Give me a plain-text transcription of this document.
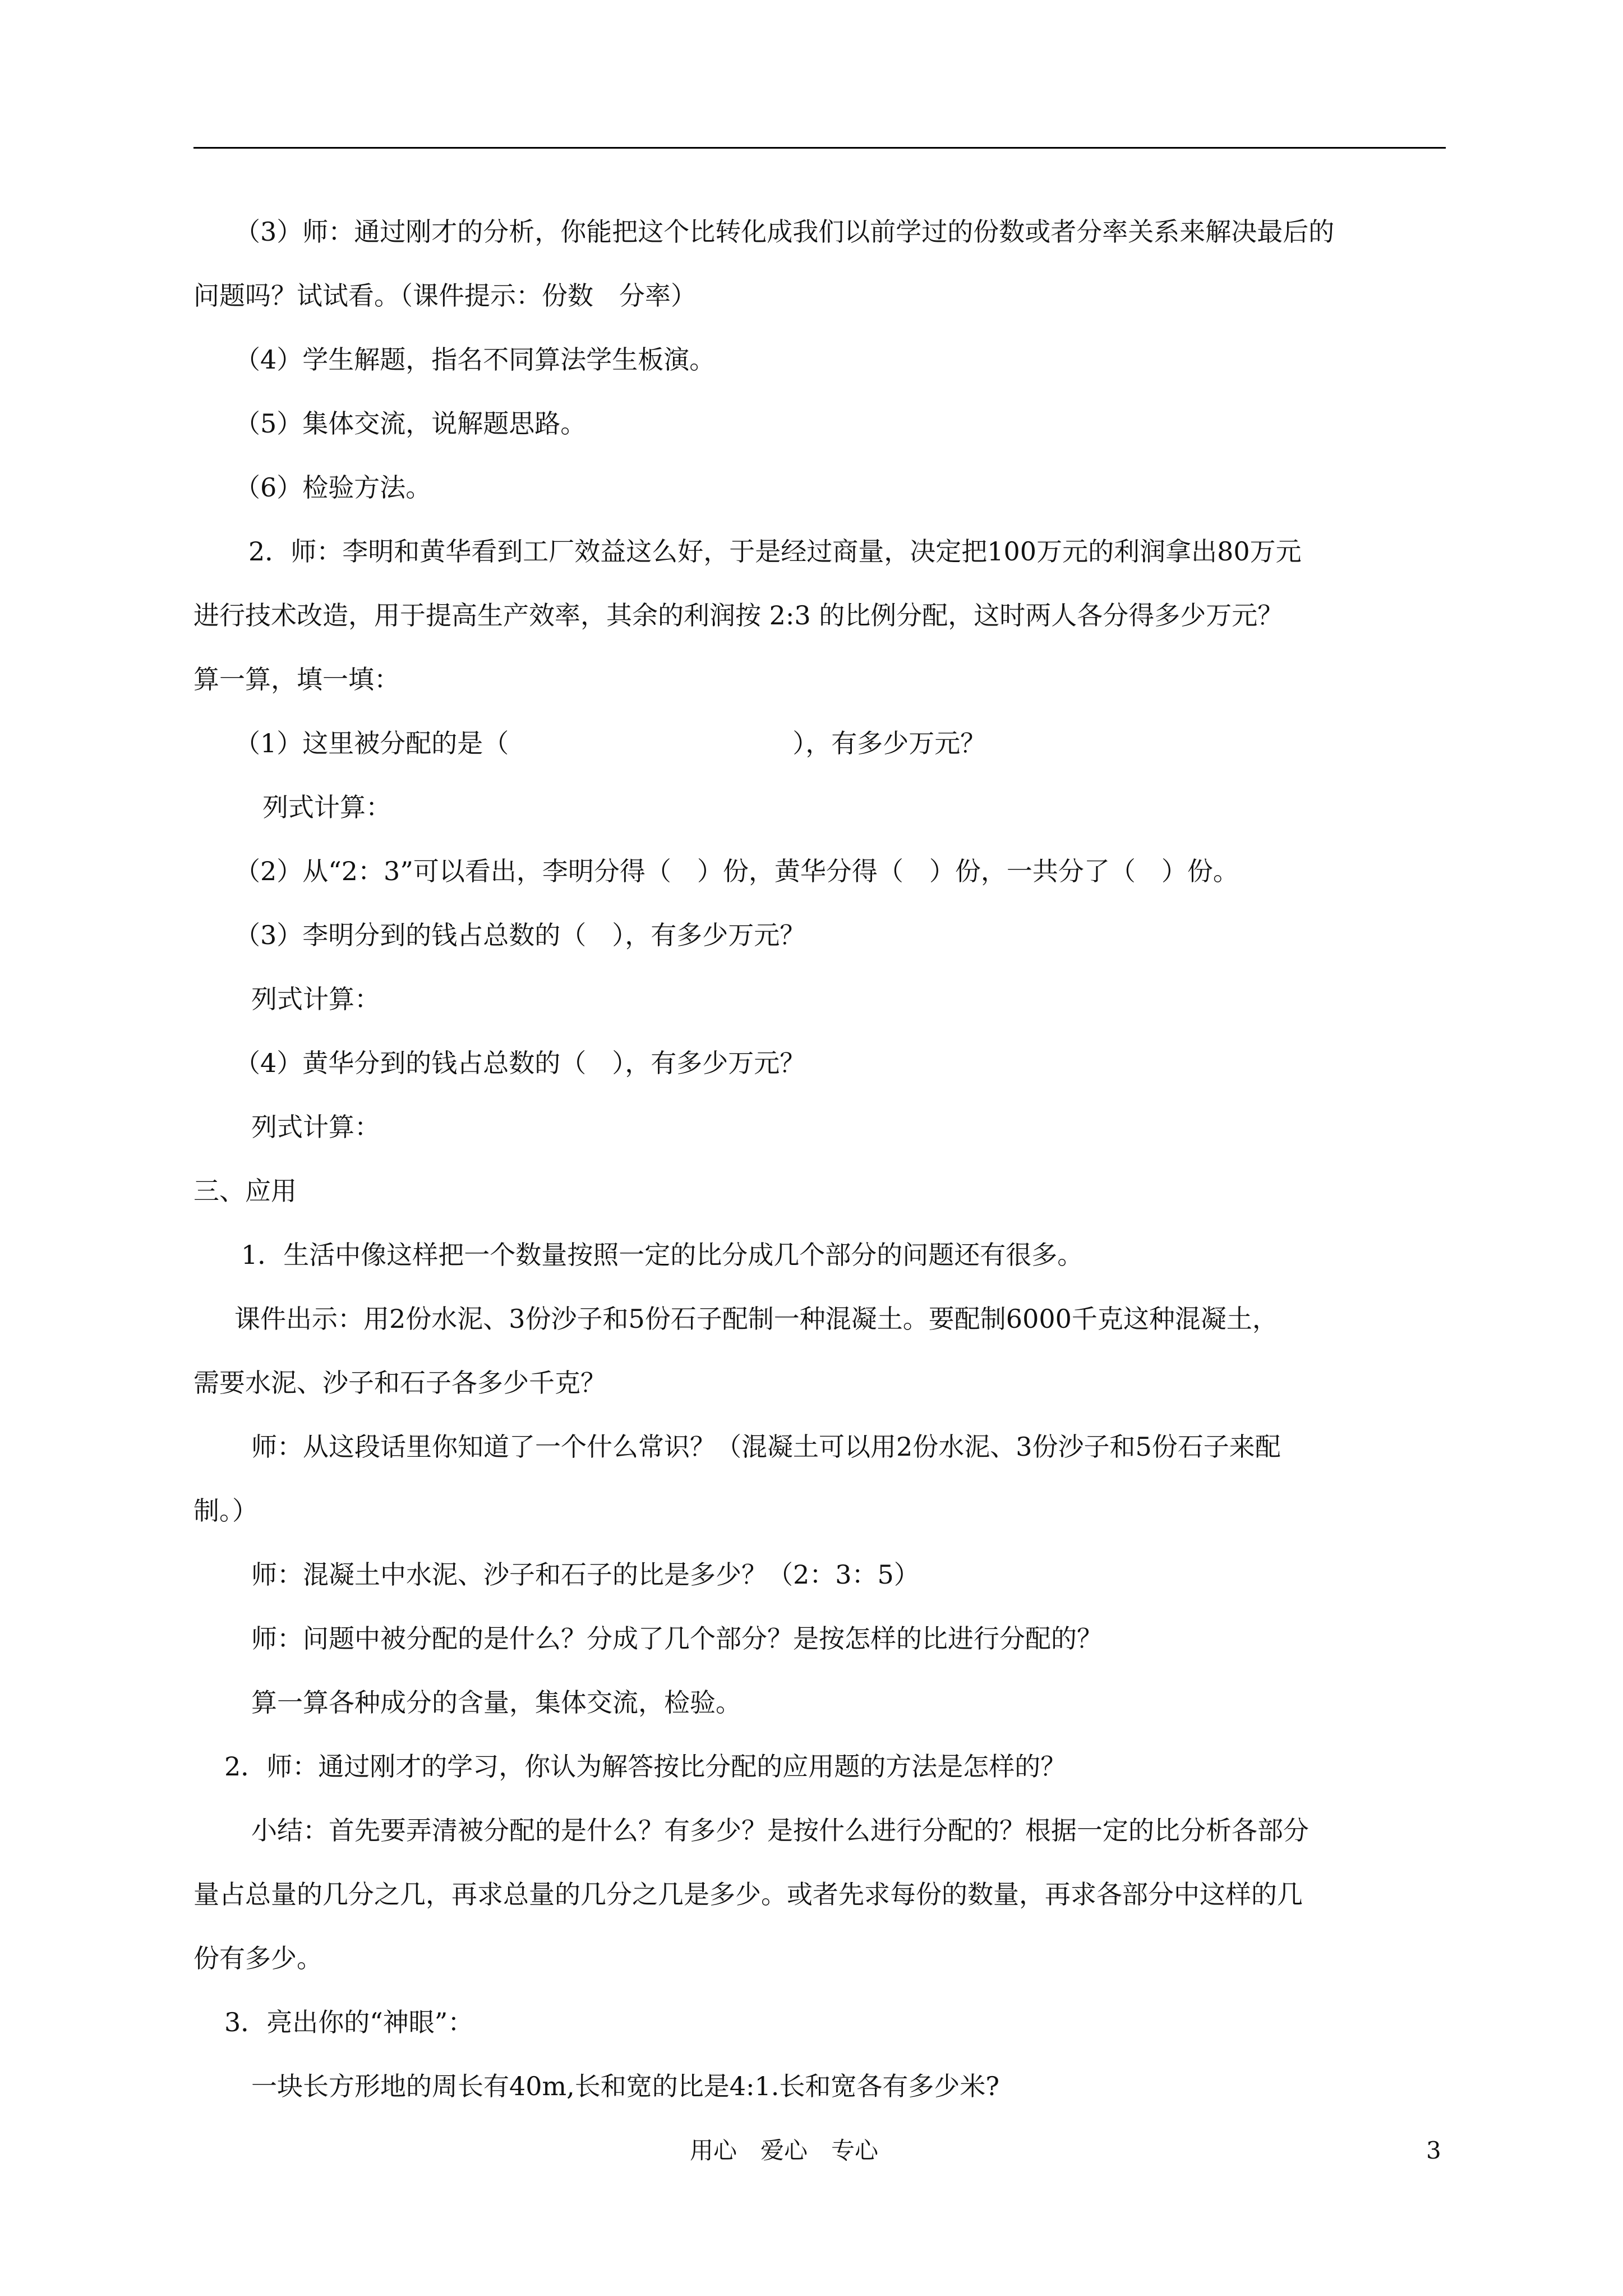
（3）师：通过刚才的分析，你能把这个比转化成我们以前学过的份数或者分率关系来解决最后的
问题吗？试试看。（课件提示：份数　分率）
（4）学生解题，指名不同算法学生板演。
（5）集体交流，说解题思路。
（6）检验方法。
2．师：李明和黄华看到工厂效益这么好，于是经过商量，决定把100万元的利润拿出80万元
进行技术改造，用于提高生产效率，其余的利润按 2:3 的比例分配，这时两人各分得多少万元？
算一算，填一填：
（1）这里被分配的是（　　　　　　　　　　　），有多少万元？
列式计算：
（2）从“2：3”可以看出，李明分得（　）份，黄华分得（　）份，一共分了（　）份。
（3）李明分到的钱占总数的（　），有多少万元？
列式计算：
（4）黄华分到的钱占总数的（　），有多少万元？
列式计算：
三、应用
1．生活中像这样把一个数量按照一定的比分成几个部分的问题还有很多。
课件出示：用2份水泥、3份沙子和5份石子配制一种混凝土。要配制6000千克这种混凝土，
需要水泥、沙子和石子各多少千克？
师：从这段话里你知道了一个什么常识？（混凝土可以用2份水泥、3份沙子和5份石子来配
制。）
师：混凝土中水泥、沙子和石子的比是多少？（2：3：5）
师：问题中被分配的是什么？分成了几个部分？是按怎样的比进行分配的？
算一算各种成分的含量，集体交流，检验。
2．师：通过刚才的学习，你认为解答按比分配的应用题的方法是怎样的？
小结：首先要弄清被分配的是什么？有多少？是按什么进行分配的？根据一定的比分析各部分
量占总量的几分之几，再求总量的几分之几是多少。或者先求每份的数量，再求各部分中这样的几
份有多少。
3．亮出你的“神眼”：
一块长方形地的周长有40m,长和宽的比是4:1.长和宽各有多少米?
用心　爱心　专心	3
